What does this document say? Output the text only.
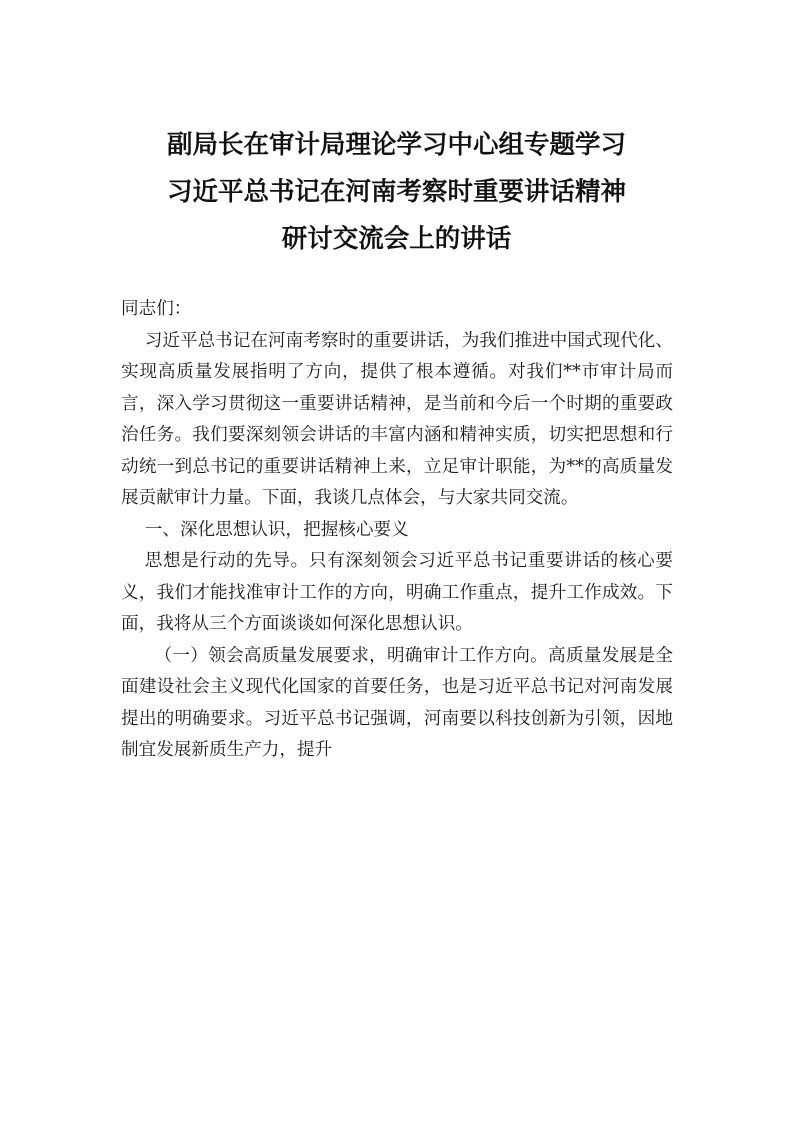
副局长在审计局理论学习中心组专题学习
习近平总书记在河南考察时重要讲话精神
研讨交流会上的讲话

同志们：

习近平总书记在河南考察时的重要讲话，为我们推进中国式现代化、实现高质量发展指明了方向，提供了根本遵循。对我们**市审计局而言，深入学习贯彻这一重要讲话精神，是当前和今后一个时期的重要政治任务。我们要深刻领会讲话的丰富内涵和精神实质，切实把思想和行动统一到总书记的重要讲话精神上来，立足审计职能，为**的高质量发展贡献审计力量。下面，我谈几点体会，与大家共同交流。

一、深化思想认识，把握核心要义

思想是行动的先导。只有深刻领会习近平总书记重要讲话的核心要义，我们才能找准审计工作的方向，明确工作重点，提升工作成效。下面，我将从三个方面谈谈如何深化思想认识。

（一）领会高质量发展要求，明确审计工作方向。高质量发展是全面建设社会主义现代化国家的首要任务，也是习近平总书记对河南发展提出的明确要求。习近平总书记强调，河南要以科技创新为引领，因地制宜发展新质生产力，提升
